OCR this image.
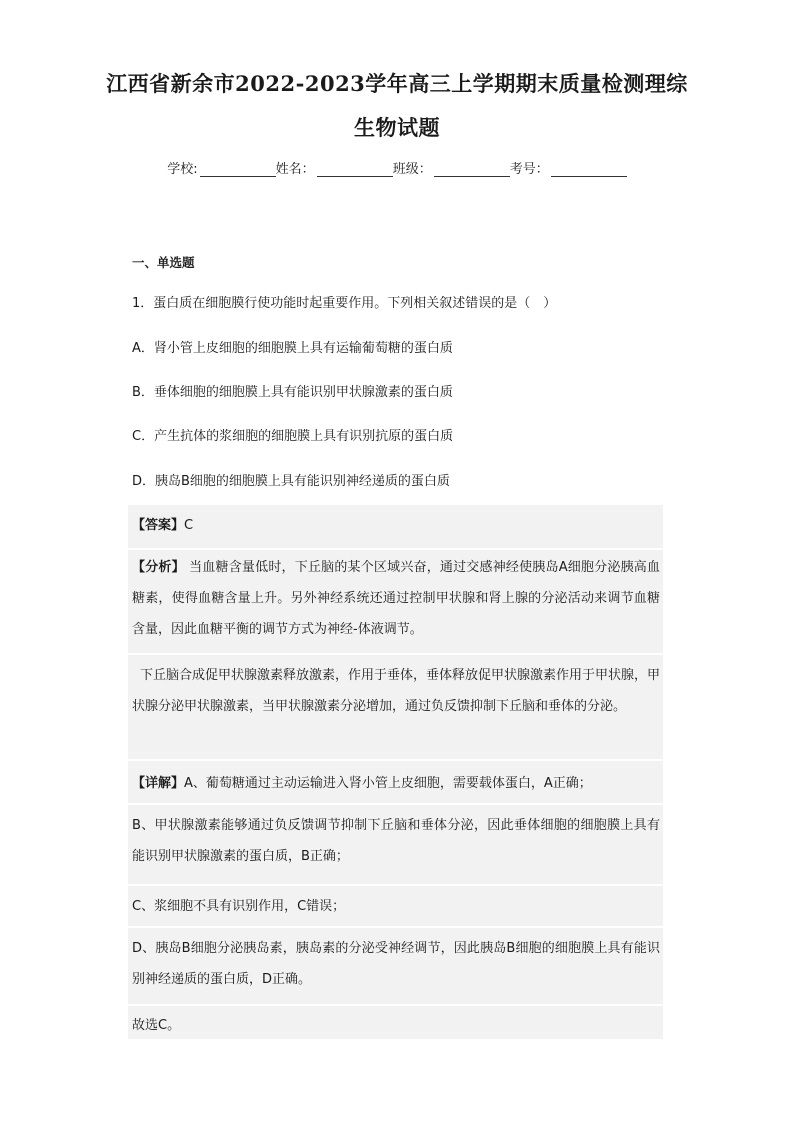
江西省新余市2022-2023学年高三上学期期末质量检测理综
生物试题
学校:	姓名：	班级：	考号：
一、单选题
1．蛋白质在细胞膜行使功能时起重要作用。下列相关叙述错误的是（　）
A．肾小管上皮细胞的细胞膜上具有运输葡萄糖的蛋白质
B．垂体细胞的细胞膜上具有能识别甲状腺激素的蛋白质
C．产生抗体的浆细胞的细胞膜上具有识别抗原的蛋白质
D．胰岛B细胞的细胞膜上具有能识别神经递质的蛋白质
【答案】C
【分析】 当血糖含量低时，下丘脑的某个区域兴奋，通过交感神经使胰岛A细胞分泌胰高血糖素，使得血糖含量上升。另外神经系统还通过控制甲状腺和肾上腺的分泌活动来调节血糖含量，因此血糖平衡的调节方式为神经-体液调节。
下丘脑合成促甲状腺激素释放激素，作用于垂体，垂体释放促甲状腺激素作用于甲状腺，甲状腺分泌甲状腺激素，当甲状腺激素分泌增加，通过负反馈抑制下丘脑和垂体的分泌。
【详解】A、葡萄糖通过主动运输进入肾小管上皮细胞，需要载体蛋白，A正确；
B、甲状腺激素能够通过负反馈调节抑制下丘脑和垂体分泌，因此垂体细胞的细胞膜上具有能识别甲状腺激素的蛋白质，B正确；
C、浆细胞不具有识别作用，C错误；
D、胰岛B细胞分泌胰岛素，胰岛素的分泌受神经调节，因此胰岛B细胞的细胞膜上具有能识别神经递质的蛋白质，D正确。
故选C。
